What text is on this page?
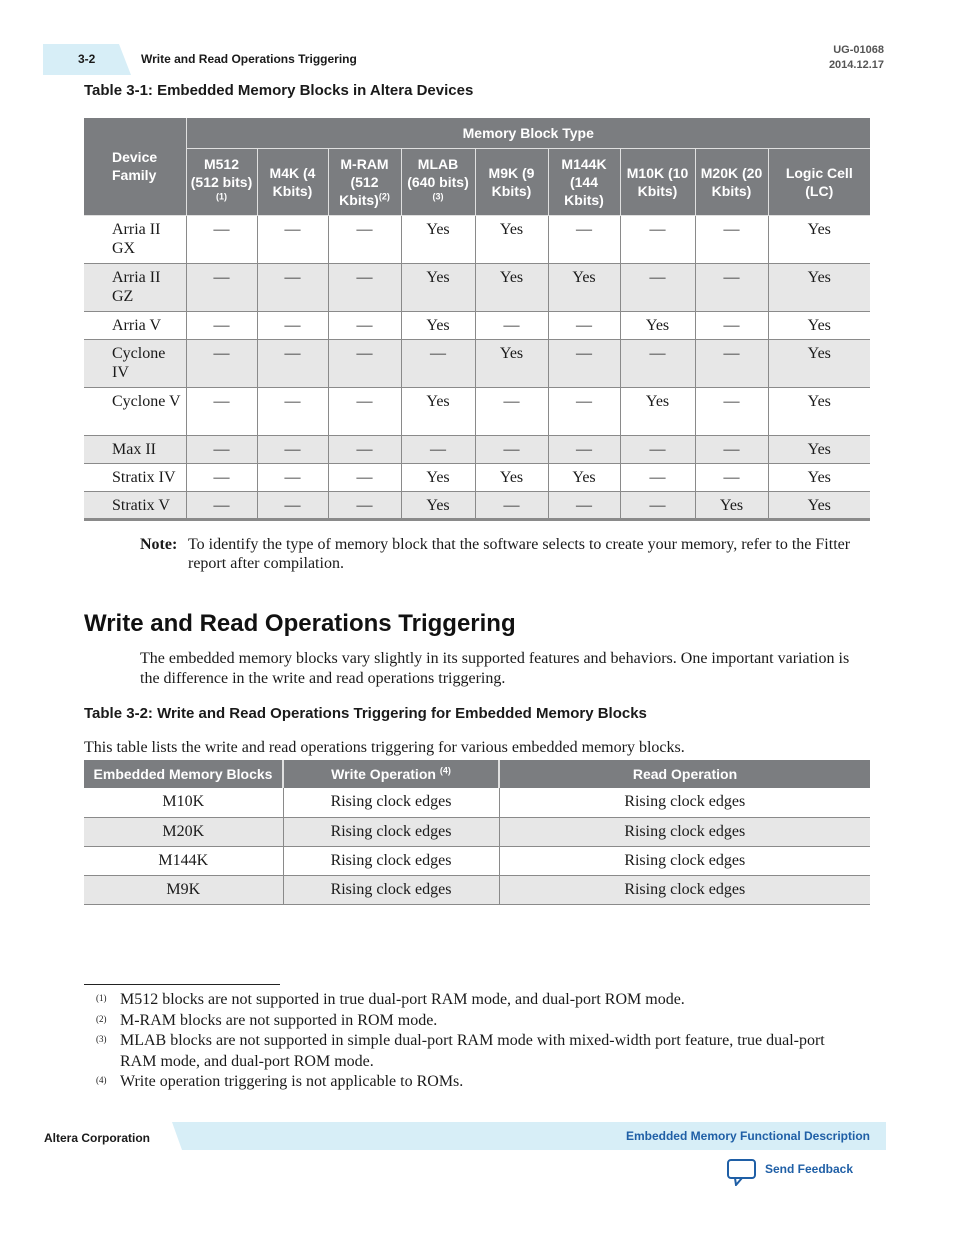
3-2	Write and Read Operations Triggering
UG-01068
2014.12.17
Table 3-1: Embedded Memory Blocks in Altera Devices
Device Family	Memory Block Type								
	M512 (512 bits)$^{(1)}$	M4K (4 Kbits)	M-RAM (512 Kbits)$^{(2)}$	MLAB (640 bits)$^{(3)}$	M9K (9 Kbits)	M144K (144 Kbits)	M10K (10 Kbits)	M20K (20 Kbits)	Logic Cell (LC)
Arria II GX	—	—	—	Yes	Yes	—	—	—	Yes
Arria II GZ	—	—	—	Yes	Yes	Yes	—	—	Yes
Arria V	—	—	—	Yes	—	—	Yes	—	Yes
Cyclone IV	—	—	—	—	Yes	—	—	—	Yes
Cyclone V	—	—	—	Yes	—	—	Yes	—	Yes
Max II	—	—	—	—	—	—	—	—	Yes
Stratix IV	—	—	—	Yes	Yes	Yes	—	—	Yes
Stratix V	—	—	—	Yes	—	—	—	Yes	Yes
Note: To identify the type of memory block that the software selects to create your memory, refer to the Fitter report after compilation.
Write and Read Operations Triggering
The embedded memory blocks vary slightly in its supported features and behaviors. One important variation is the difference in the write and read operations triggering.
Table 3-2: Write and Read Operations Triggering for Embedded Memory Blocks
This table lists the write and read operations triggering for various embedded memory blocks.
Embedded Memory Blocks	Write Operation $^{(4)}$	Read Operation
M10K	Rising clock edges	Rising clock edges
M20K	Rising clock edges	Rising clock edges
M144K	Rising clock edges	Rising clock edges
M9K	Rising clock edges	Rising clock edges
(1) M512 blocks are not supported in true dual-port RAM mode, and dual-port ROM mode.
(2) M-RAM blocks are not supported in ROM mode.
(3) MLAB blocks are not supported in simple dual-port RAM mode with mixed-width port feature, true dual-port RAM mode, and dual-port ROM mode.
(4) Write operation triggering is not applicable to ROMs.
Altera Corporation	Embedded Memory Functional Description
Send Feedback
